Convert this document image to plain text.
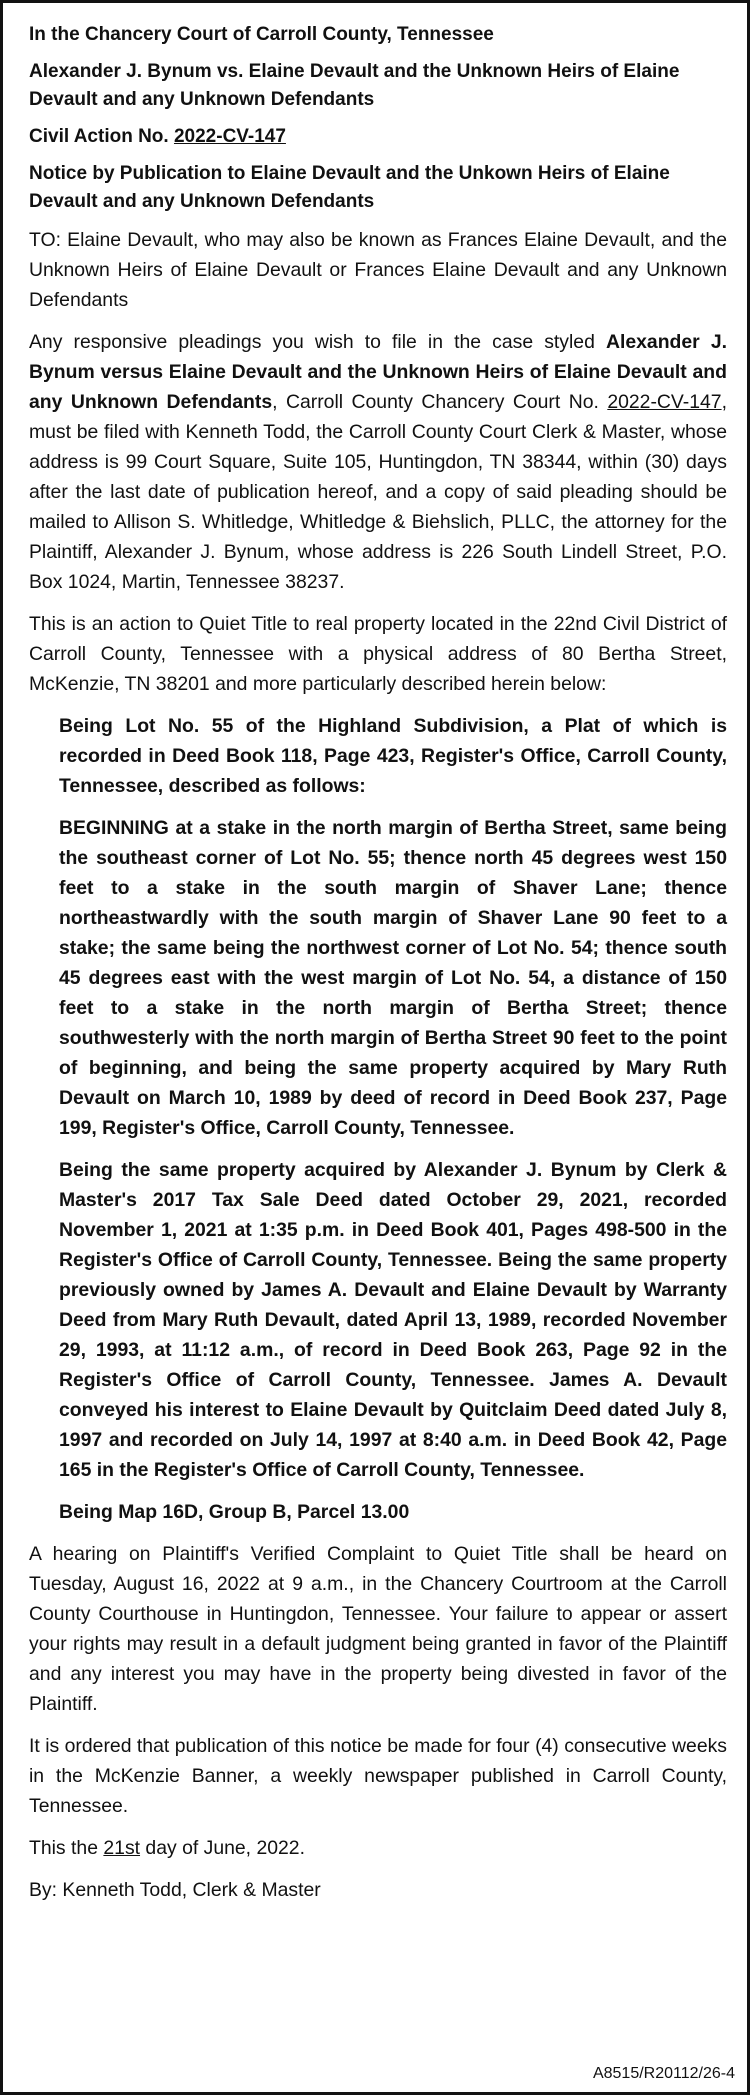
In the Chancery Court of Carroll County, Tennessee
Alexander J. Bynum vs. Elaine Devault and the Unknown Heirs of Elaine Devault and any Unknown Defendants
Civil Action No. 2022-CV-147
Notice by Publication to Elaine Devault and the Unkown Heirs of Elaine Devault and any Unknown Defendants

TO: Elaine Devault, who may also be known as Frances Elaine Devault, and the Unknown Heirs of Elaine Devault or Frances Elaine Devault and any Unknown Defendants

Any responsive pleadings you wish to file in the case styled Alexander J. Bynum versus Elaine Devault and the Unknown Heirs of Elaine Devault and any Unknown Defendants, Carroll County Chancery Court No. 2022-CV-147, must be filed with Kenneth Todd, the Carroll County Court Clerk & Master, whose address is 99 Court Square, Suite 105, Huntingdon, TN 38344, within (30) days after the last date of publication hereof, and a copy of said pleading should be mailed to Allison S. Whitledge, Whitledge & Biehslich, PLLC, the attorney for the Plaintiff, Alexander J. Bynum, whose address is 226 South Lindell Street, P.O. Box 1024, Martin, Tennessee 38237.

This is an action to Quiet Title to real property located in the 22nd Civil District of Carroll County, Tennessee with a physical address of 80 Bertha Street, McKenzie, TN 38201 and more particularly described herein below:

Being Lot No. 55 of the Highland Subdivision, a Plat of which is recorded in Deed Book 118, Page 423, Register's Office, Carroll County, Tennessee, described as follows:

BEGINNING at a stake in the north margin of Bertha Street, same being the southeast corner of Lot No. 55; thence north 45 degrees west 150 feet to a stake in the south margin of Shaver Lane; thence northeastwardly with the south margin of Shaver Lane 90 feet to a stake; the same being the northwest corner of Lot No. 54; thence south 45 degrees east with the west margin of Lot No. 54, a distance of 150 feet to a stake in the north margin of Bertha Street; thence southwesterly with the north margin of Bertha Street 90 feet to the point of beginning, and being the same property acquired by Mary Ruth Devault on March 10, 1989 by deed of record in Deed Book 237, Page 199, Register's Office, Carroll County, Tennessee.

Being the same property acquired by Alexander J. Bynum by Clerk & Master's 2017 Tax Sale Deed dated October 29, 2021, recorded November 1, 2021 at 1:35 p.m. in Deed Book 401, Pages 498-500 in the Register's Office of Carroll County, Tennessee. Being the same property previously owned by James A. Devault and Elaine Devault by Warranty Deed from Mary Ruth Devault, dated April 13, 1989, recorded November 29, 1993, at 11:12 a.m., of record in Deed Book 263, Page 92 in the Register's Office of Carroll County, Tennessee. James A. Devault conveyed his interest to Elaine Devault by Quitclaim Deed dated July 8, 1997 and recorded on July 14, 1997 at 8:40 a.m. in Deed Book 42, Page 165 in the Register's Office of Carroll County, Tennessee.

Being Map 16D, Group B, Parcel 13.00

A hearing on Plaintiff's Verified Complaint to Quiet Title shall be heard on Tuesday, August 16, 2022 at 9 a.m., in the Chancery Courtroom at the Carroll County Courthouse in Huntingdon, Tennessee. Your failure to appear or assert your rights may result in a default judgment being granted in favor of the Plaintiff and any interest you may have in the property being divested in favor of the Plaintiff.

It is ordered that publication of this notice be made for four (4) consecutive weeks in the McKenzie Banner, a weekly newspaper published in Carroll County, Tennessee.

This the 21st day of June, 2022.

By: Kenneth Todd, Clerk & Master

A8515/R20112/26-4
